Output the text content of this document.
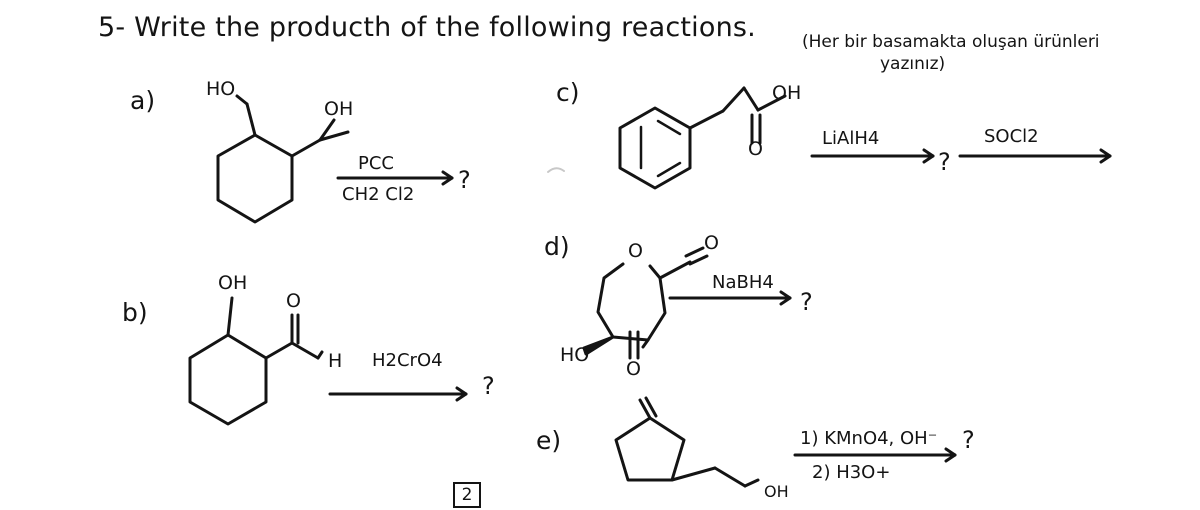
5- Write the producth of the following reactions.	(Her bir basamakta oluşan ürünleri
yazınız)
a)	HO
OH
PCC
CH2 Cl2
?
b)
OH
O
H H2CrO4
?
c)	OH
O	LiAlH4
?
SOCl2
d)	O	O
HO
O
NaBH4
?
e)
OH
1) KMnO4, OH⁻
2) H3O+
?
2
